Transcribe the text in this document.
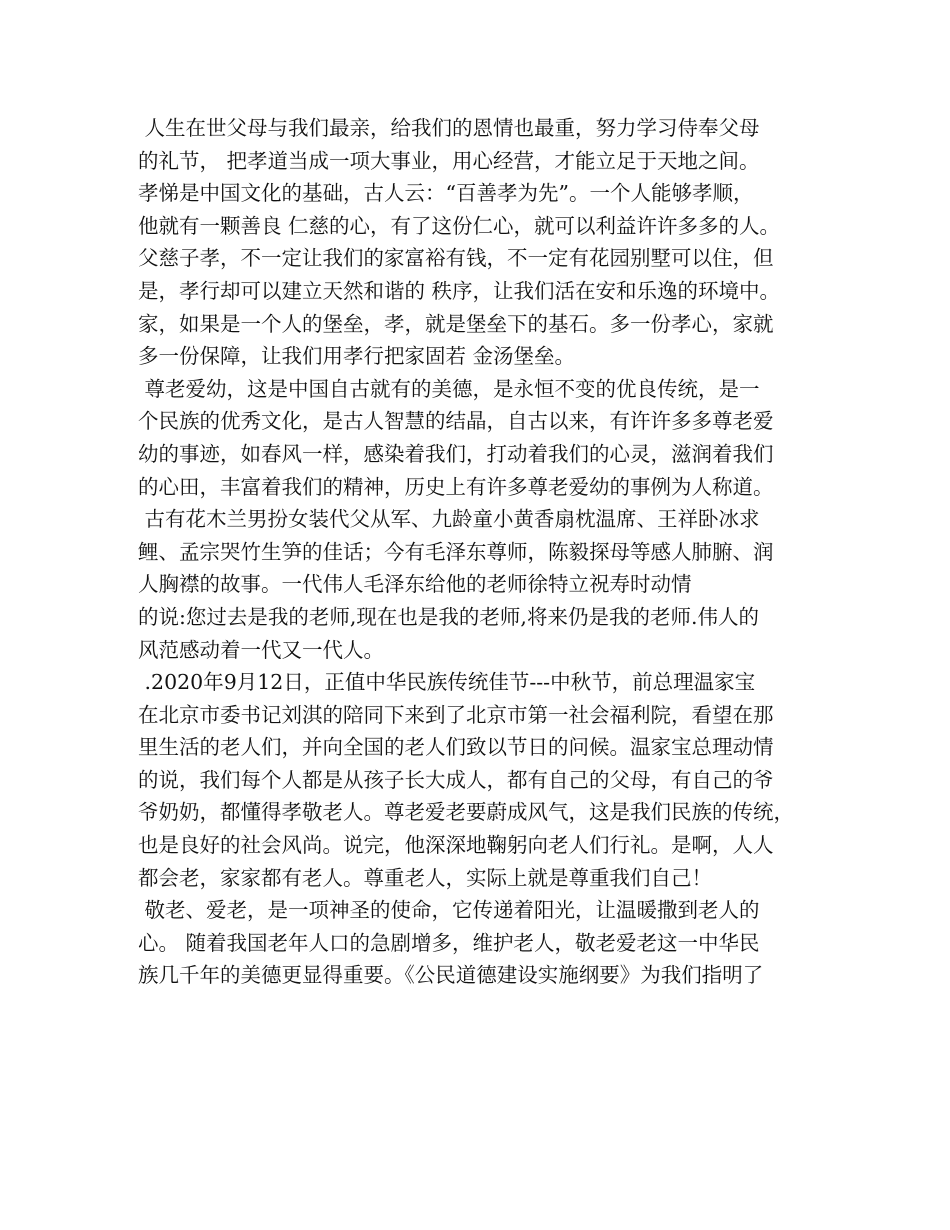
人生在世父母与我们最亲，给我们的恩情也最重，努力学习侍奉父母
的礼节， 把孝道当成一项大事业，用心经营，才能立足于天地之间。
孝悌是中国文化的基础，古人云：“百善孝为先”。一个人能够孝顺，
他就有一颗善良 仁慈的心，有了这份仁心，就可以利益许许多多的人。
父慈子孝，不一定让我们的家富裕有钱，不一定有花园别墅可以住，但
是，孝行却可以建立天然和谐的 秩序，让我们活在安和乐逸的环境中。
家，如果是一个人的堡垒，孝，就是堡垒下的基石。多一份孝心，家就
多一份保障，让我们用孝行把家固若 金汤堡垒。
尊老爱幼，这是中国自古就有的美德，是永恒不变的优良传统，是一
个民族的优秀文化，是古人智慧的结晶，自古以来，有许许多多尊老爱
幼的事迹，如春风一样，感染着我们，打动着我们的心灵，滋润着我们
的心田，丰富着我们的精神，历史上有许多尊老爱幼的事例为人称道。
古有花木兰男扮女装代父从军、九龄童小黄香扇枕温席、王祥卧冰求
鲤、孟宗哭竹生笋的佳话；今有毛泽东尊师，陈毅探母等感人肺腑、润
人胸襟的故事。一代伟人毛泽东给他的老师徐特立祝寿时动情
的说:您过去是我的老师,现在也是我的老师,将来仍是我的老师.伟人的
风范感动着一代又一代人。
.2020年9月12日，正值中华民族传统佳节---中秋节，前总理温家宝
在北京市委书记刘淇的陪同下来到了北京市第一社会福利院，看望在那
里生活的老人们，并向全国的老人们致以节日的问候。温家宝总理动情
的说，我们每个人都是从孩子长大成人，都有自己的父母，有自己的爷
爷奶奶，都懂得孝敬老人。尊老爱老要蔚成风气，这是我们民族的传统，
也是良好的社会风尚。说完，他深深地鞠躬向老人们行礼。是啊，人人
都会老，家家都有老人。尊重老人，实际上就是尊重我们自己！
敬老、爱老，是一项神圣的使命，它传递着阳光，让温暖撒到老人的
心。 随着我国老年人口的急剧增多，维护老人，敬老爱老这一中华民
族几千年的美德更显得重要。《公民道德建设实施纲要》为我们指明了
